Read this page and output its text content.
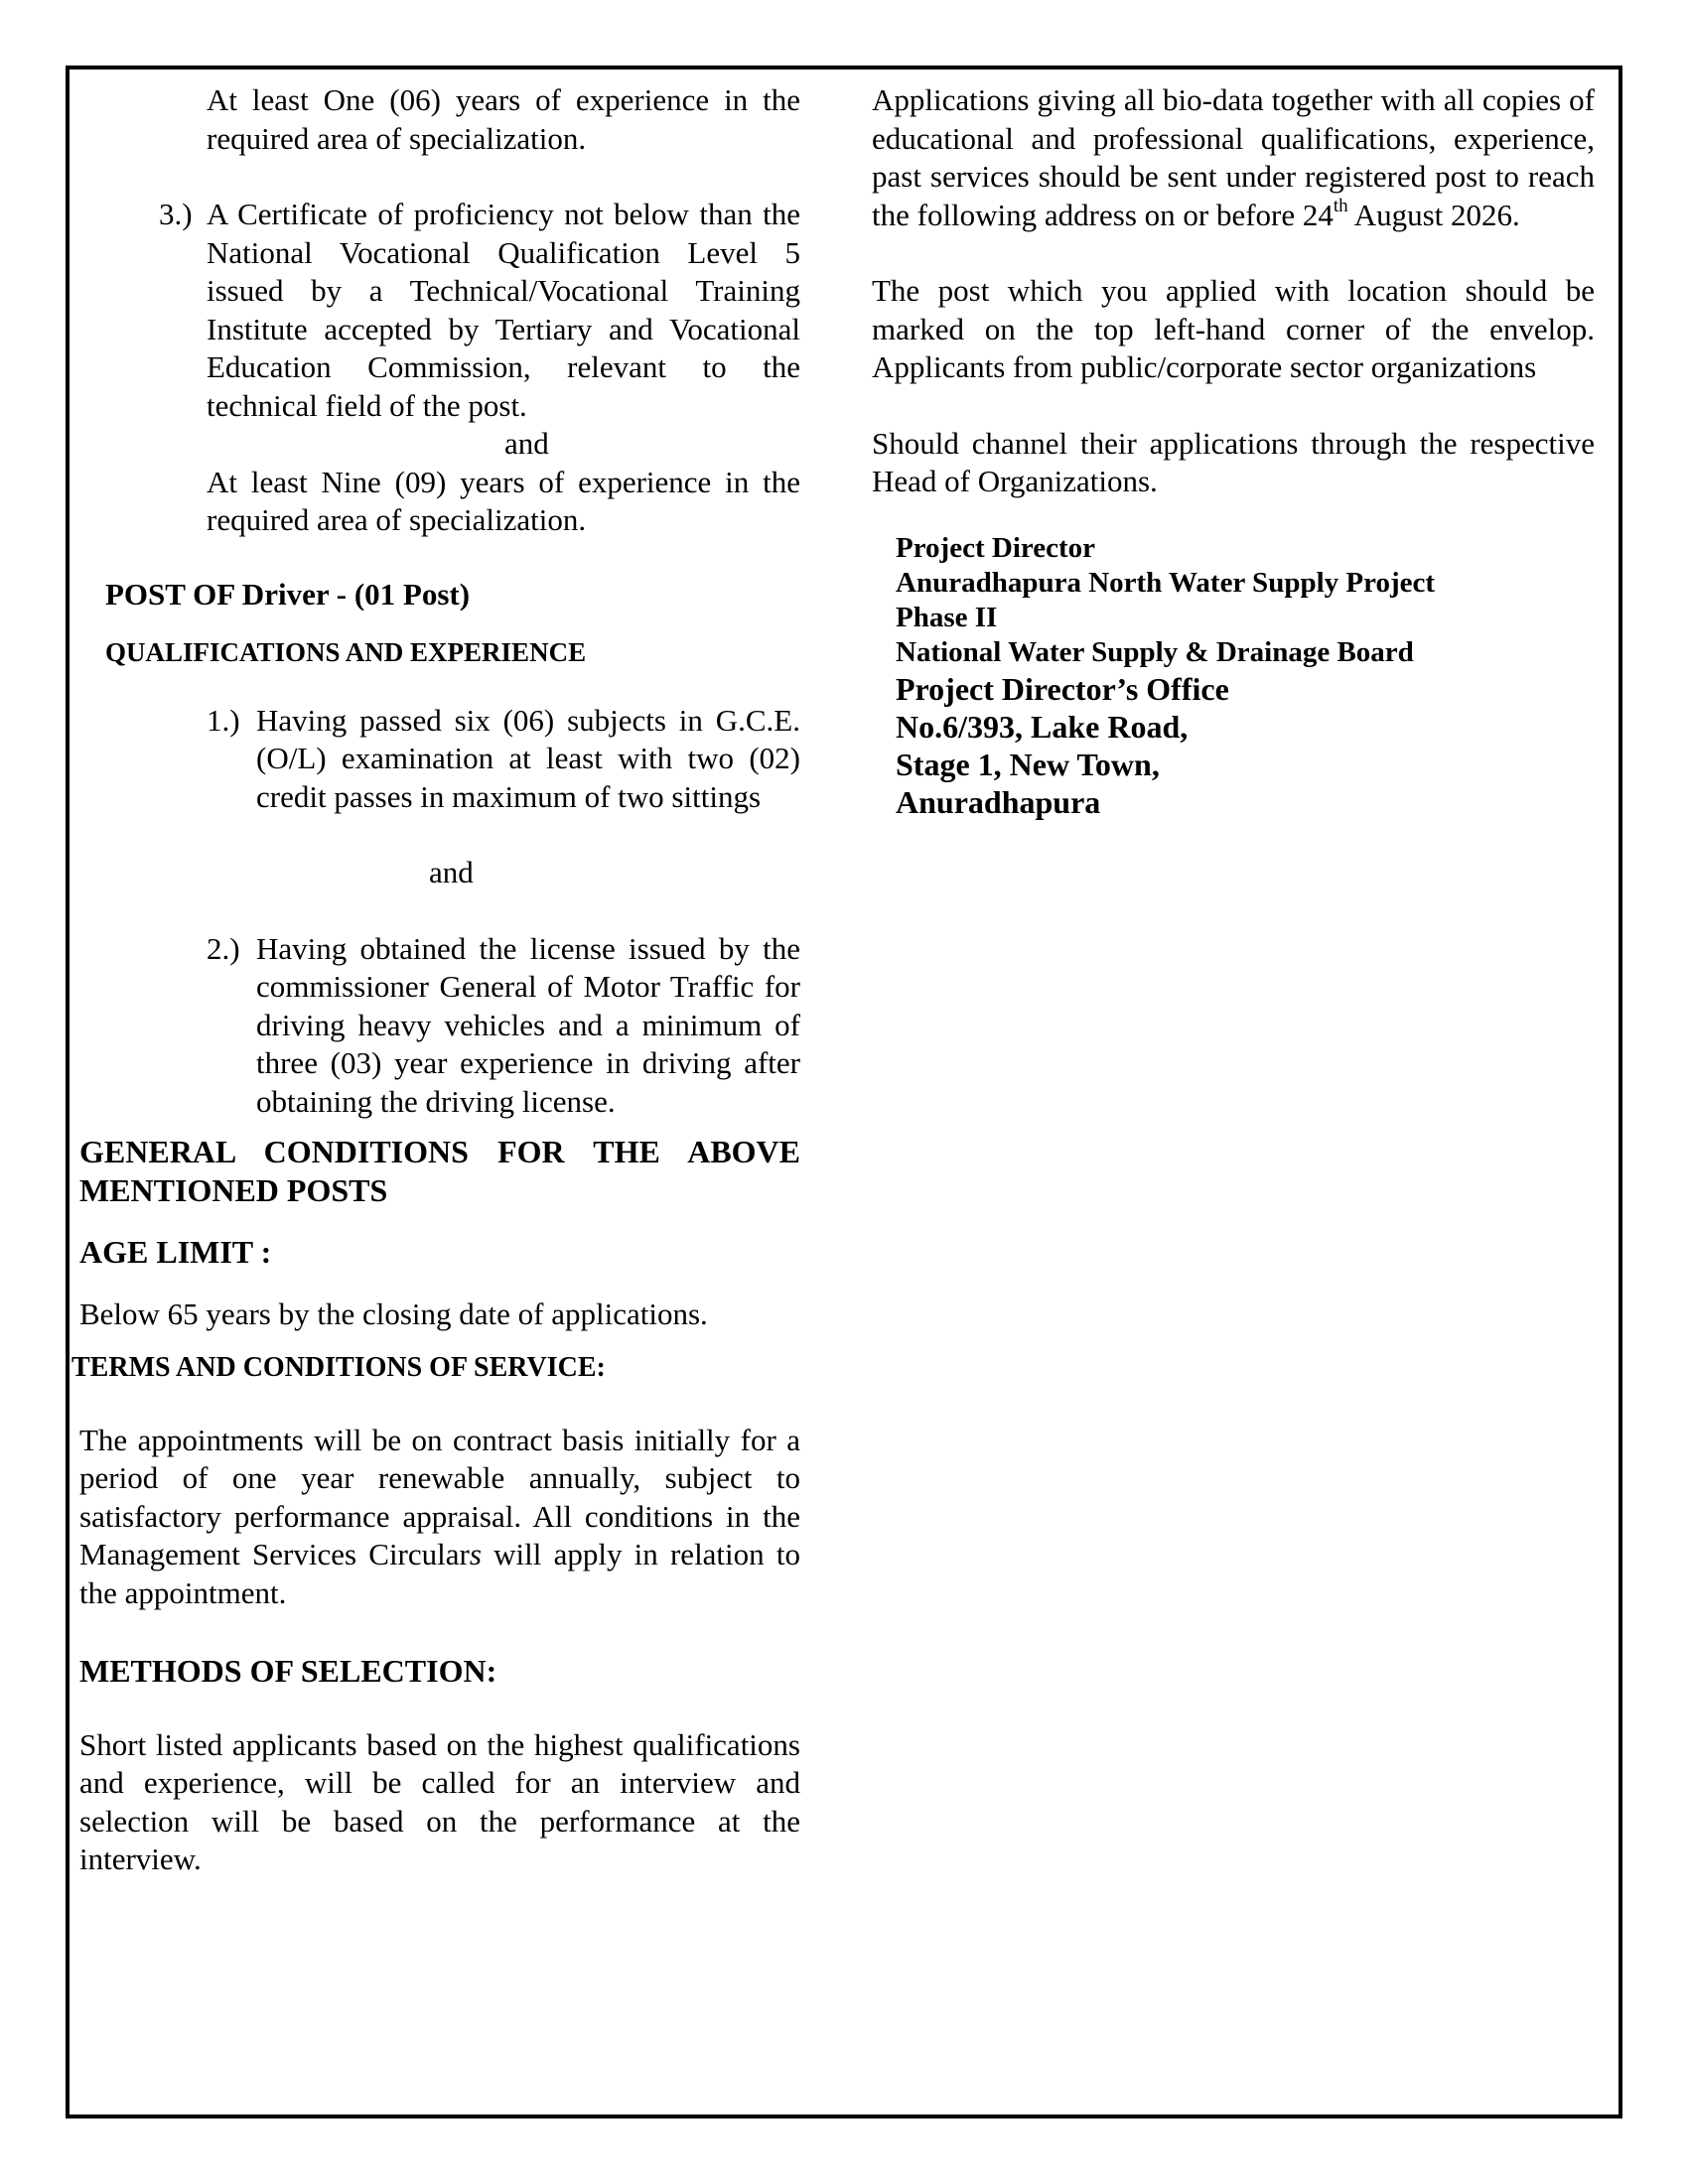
At least One (06) years of experience in the required area of specialization.

3.) A Certificate of proficiency not below than the National Vocational Qualification Level 5 issued by a Technical/Vocational Training Institute accepted by Tertiary and Vocational Education Commission, relevant to the technical field of the post.

and

At least Nine (09) years of experience in the required area of specialization.

POST OF Driver - (01 Post)

QUALIFICATIONS AND EXPERIENCE

1.) Having passed six (06) subjects in G.C.E. (O/L) examination at least with two (02) credit passes in maximum of two sittings

and

2.) Having obtained the license issued by the commissioner General of Motor Traffic for driving heavy vehicles and a minimum of three (03) year experience in driving after obtaining the driving license.

GENERAL CONDITIONS FOR THE ABOVE MENTIONED POSTS

AGE LIMIT :

Below 65 years by the closing date of applications.

TERMS AND CONDITIONS OF SERVICE:

The appointments will be on contract basis initially for a period of one year renewable annually, subject to satisfactory performance appraisal. All conditions in the Management Services Circulars will apply in relation to the appointment.

METHODS OF SELECTION:

Short listed applicants based on the highest qualifications and experience, will be called for an interview and selection will be based on the performance at the interview.

Applications giving all bio-data together with all copies of educational and professional qualifications, experience, past services should be sent under registered post to reach the following address on or before 24th August 2026.

The post which you applied with location should be marked on the top left-hand corner of the envelop. Applicants from public/corporate sector organizations

Should channel their applications through the respective Head of Organizations.

Project Director

Anuradhapura North Water Supply Project

Phase II

National Water Supply & Drainage Board

Project Director’s Office

No.6/393, Lake Road,

Stage 1, New Town,

Anuradhapura
